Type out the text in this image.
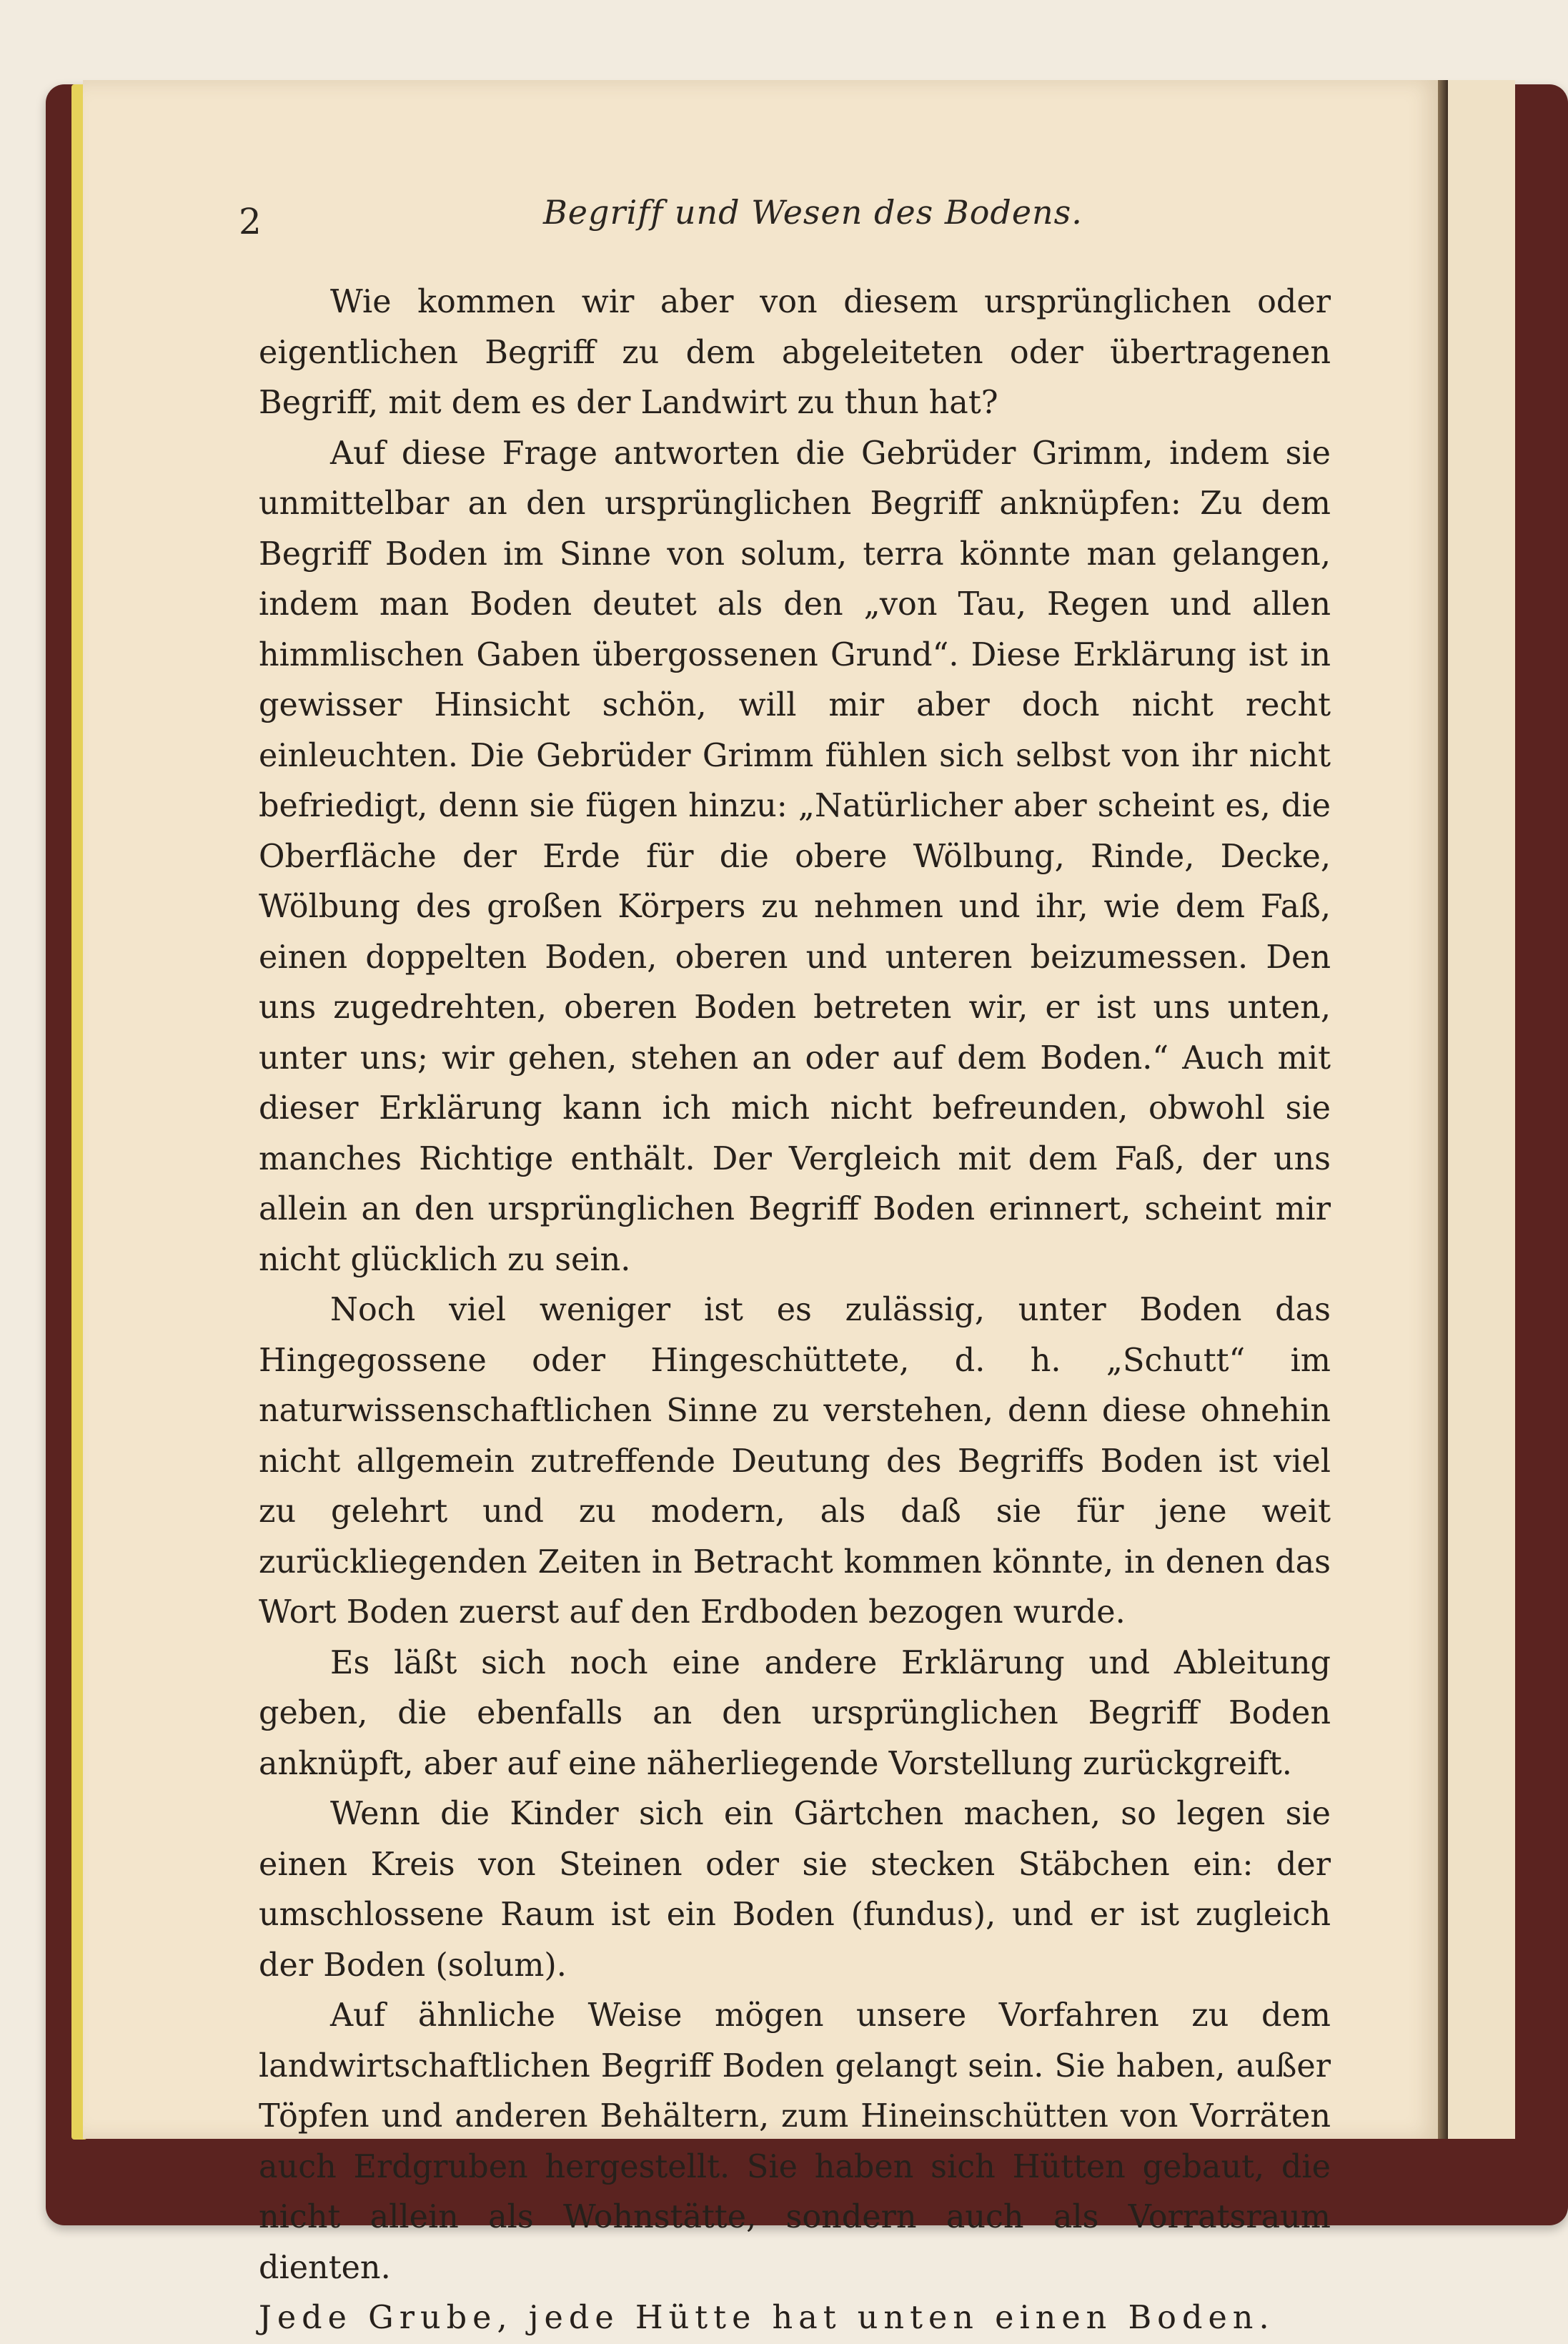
2	Begriff und Wesen des Bodens.

Wie kommen wir aber von diesem ursprünglichen oder eigentlichen Begriff zu dem abgeleiteten oder übertragenen Begriff, mit dem es der Landwirt zu thun hat?

Auf diese Frage antworten die Gebrüder Grimm, indem sie unmittelbar an den ursprünglichen Begriff anknüpfen: Zu dem Begriff Boden im Sinne von solum, terra könnte man gelangen, indem man Boden deutet als den „von Tau, Regen und allen himmlischen Gaben übergossenen Grund“. Diese Erklärung ist in gewisser Hinsicht schön, will mir aber doch nicht recht einleuchten. Die Gebrüder Grimm fühlen sich selbst von ihr nicht befriedigt, denn sie fügen hinzu: „Natürlicher aber scheint es, die Oberfläche der Erde für die obere Wölbung, Rinde, Decke, Wölbung des großen Körpers zu nehmen und ihr, wie dem Faß, einen doppelten Boden, oberen und unteren beizumessen. Den uns zugedrehten, oberen Boden betreten wir, er ist uns unten, unter uns; wir gehen, stehen an oder auf dem Boden.“ Auch mit dieser Erklärung kann ich mich nicht befreunden, obwohl sie manches Richtige enthält. Der Vergleich mit dem Faß, der uns allein an den ursprünglichen Begriff Boden erinnert, scheint mir nicht glücklich zu sein.

Noch viel weniger ist es zulässig, unter Boden das Hingegossene oder Hingeschüttete, d. h. „Schutt“ im naturwissenschaftlichen Sinne zu verstehen, denn diese ohnehin nicht allgemein zutreffende Deutung des Begriffs Boden ist viel zu gelehrt und zu modern, als daß sie für jene weit zurückliegenden Zeiten in Betracht kommen könnte, in denen das Wort Boden zuerst auf den Erdboden bezogen wurde.

Es läßt sich noch eine andere Erklärung und Ableitung geben, die ebenfalls an den ursprünglichen Begriff Boden anknüpft, aber auf eine näherliegende Vorstellung zurückgreift.

Wenn die Kinder sich ein Gärtchen machen, so legen sie einen Kreis von Steinen oder sie stecken Stäbchen ein: der umschlossene Raum ist ein Boden (fundus), und er ist zugleich der Boden (solum).

Auf ähnliche Weise mögen unsere Vorfahren zu dem landwirtschaftlichen Begriff Boden gelangt sein. Sie haben, außer Töpfen und anderen Behältern, zum Hineinschütten von Vorräten auch Erdgruben hergestellt. Sie haben sich Hütten gebaut, die nicht allein als Wohnstätte, sondern auch als Vorratsraum dienten.

Jede Grube, jede Hütte hat unten einen Boden.
